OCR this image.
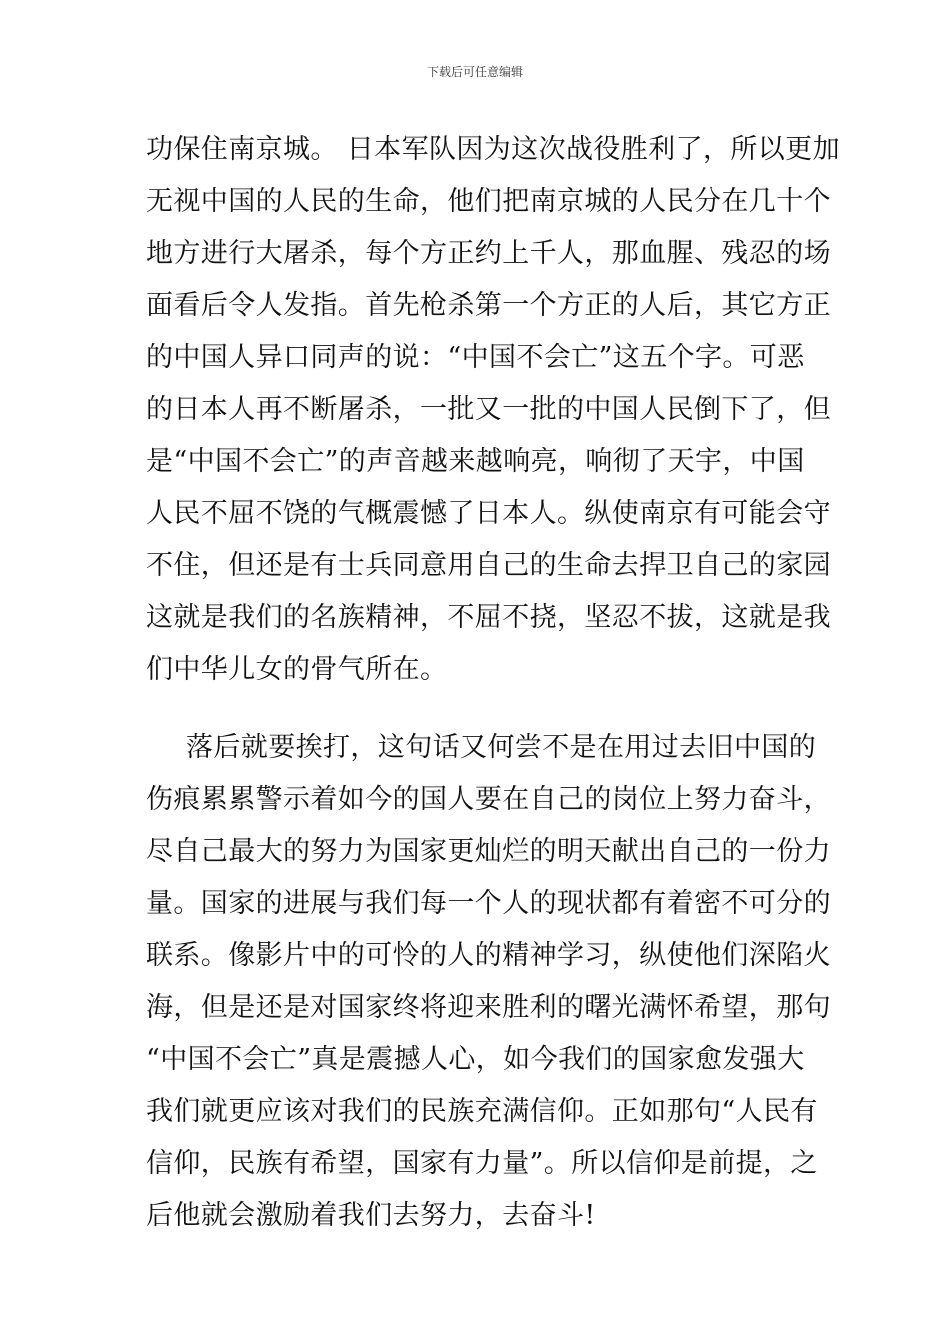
下载后可任意编辑
功保住南京城。 日本军队因为这次战役胜利了，所以更加
无视中国的人民的生命，他们把南京城的人民分在几十个
地方进行大屠杀，每个方正约上千人，那血腥、残忍的场
面看后令人发指。首先枪杀第一个方正的人后，其它方正
的中国人异口同声的说：“中国不会亡”这五个字。可恶
的日本人再不断屠杀，一批又一批的中国人民倒下了，但
是“中国不会亡”的声音越来越响亮，响彻了天宇，中国
人民不屈不饶的气概震憾了日本人。纵使南京有可能会守
不住，但还是有士兵同意用自己的生命去捍卫自己的家园
这就是我们的名族精神，不屈不挠，坚忍不拔，这就是我
们中华儿女的骨气所在。
落后就要挨打，这句话又何尝不是在用过去旧中国的
伤痕累累警示着如今的国人要在自己的岗位上努力奋斗，
尽自己最大的努力为国家更灿烂的明天献出自己的一份力
量。国家的进展与我们每一个人的现状都有着密不可分的
联系。像影片中的可怜的人的精神学习，纵使他们深陷火
海，但是还是对国家终将迎来胜利的曙光满怀希望，那句
“中国不会亡”真是震撼人心，如今我们的国家愈发强大
我们就更应该对我们的民族充满信仰。正如那句“人民有
信仰，民族有希望，国家有力量”。所以信仰是前提，之
后他就会激励着我们去努力，去奋斗!
